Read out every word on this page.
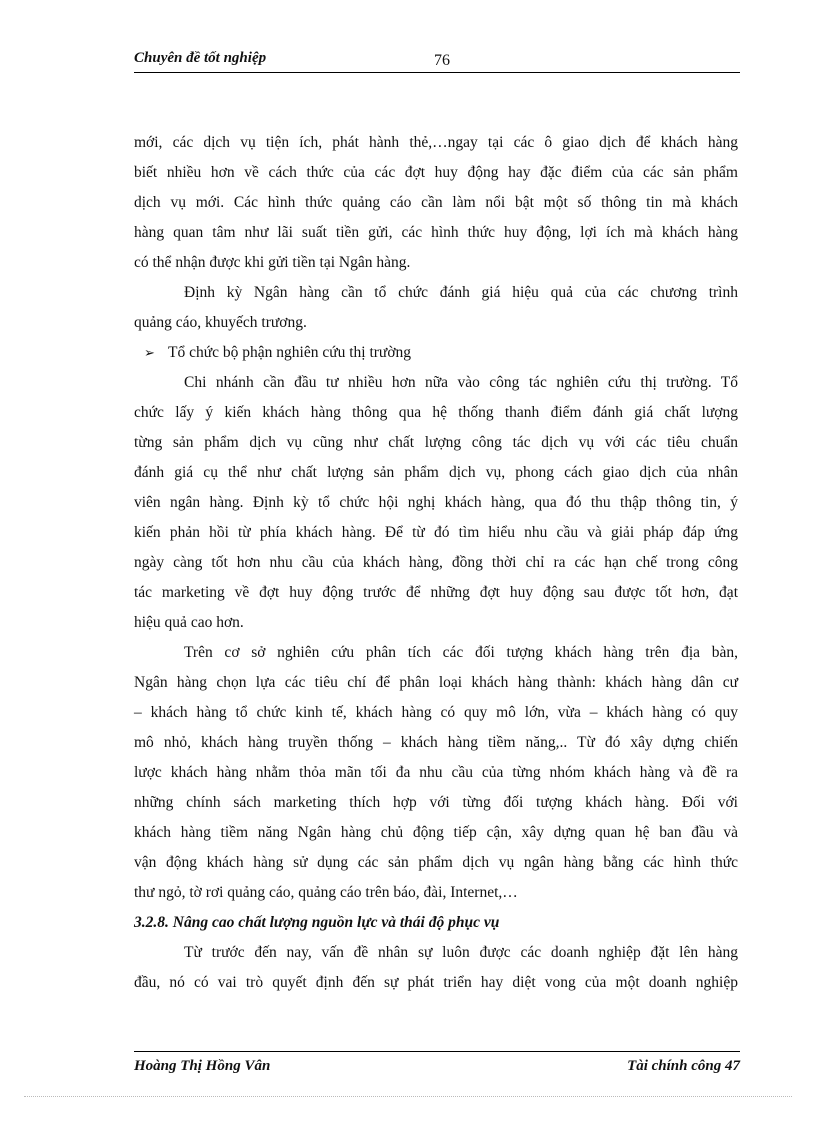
Chuyên đề tốt nghiệp	76
mới, các dịch vụ tiện ích, phát hành thẻ,…ngay tại các ô giao dịch để khách hàng
biết nhiều hơn về cách thức của các đợt huy động hay đặc điểm của các sản phẩm
dịch vụ mới. Các hình thức quảng cáo cần làm nổi bật một số thông tin mà khách
hàng quan tâm như lãi suất tiền gửi, các hình thức huy động, lợi ích mà khách hàng
có thể nhận được khi gửi tiền tại Ngân hàng.
Định kỳ Ngân hàng cần tổ chức đánh giá hiệu quả của các chương trình
quảng cáo, khuyếch trương.
➢ Tổ chức bộ phận nghiên cứu thị trường
Chi nhánh cần đầu tư nhiều hơn nữa vào công tác nghiên cứu thị trường. Tổ
chức lấy ý kiến khách hàng thông qua hệ thống thanh điểm đánh giá chất lượng
từng sản phẩm dịch vụ cũng như chất lượng công tác dịch vụ với các tiêu chuẩn
đánh giá cụ thể như chất lượng sản phẩm dịch vụ, phong cách giao dịch của nhân
viên ngân hàng. Định kỳ tổ chức hội nghị khách hàng, qua đó thu thập thông tin, ý
kiến phản hồi từ phía khách hàng. Để từ đó tìm hiểu nhu cầu và giải pháp đáp ứng
ngày càng tốt hơn nhu cầu của khách hàng, đồng thời chỉ ra các hạn chế trong công
tác marketing về đợt huy động trước để những đợt huy động sau được tốt hơn, đạt
hiệu quả cao hơn.
Trên cơ sở nghiên cứu phân tích các đối tượng khách hàng trên địa bàn,
Ngân hàng chọn lựa các tiêu chí để phân loại khách hàng thành: khách hàng dân cư
– khách hàng tổ chức kinh tế, khách hàng có quy mô lớn, vừa – khách hàng có quy
mô nhỏ, khách hàng truyền thống – khách hàng tiềm năng,.. Từ đó xây dựng chiến
lược khách hàng nhằm thỏa mãn tối đa nhu cầu của từng nhóm khách hàng và đề ra
những chính sách marketing thích hợp với từng đối tượng khách hàng. Đối với
khách hàng tiềm năng Ngân hàng chủ động tiếp cận, xây dựng quan hệ ban đầu và
vận động khách hàng sử dụng các sản phẩm dịch vụ ngân hàng bằng các hình thức
thư ngỏ, tờ rơi quảng cáo, quảng cáo trên báo, đài, Internet,…
3.2.8. Nâng cao chất lượng nguồn lực và thái độ phục vụ
Từ trước đến nay, vấn đề nhân sự luôn được các doanh nghiệp đặt lên hàng
đầu, nó có vai trò quyết định đến sự phát triển hay diệt vong của một doanh nghiệp
Hoàng Thị Hồng Vân	Tài chính công 47
